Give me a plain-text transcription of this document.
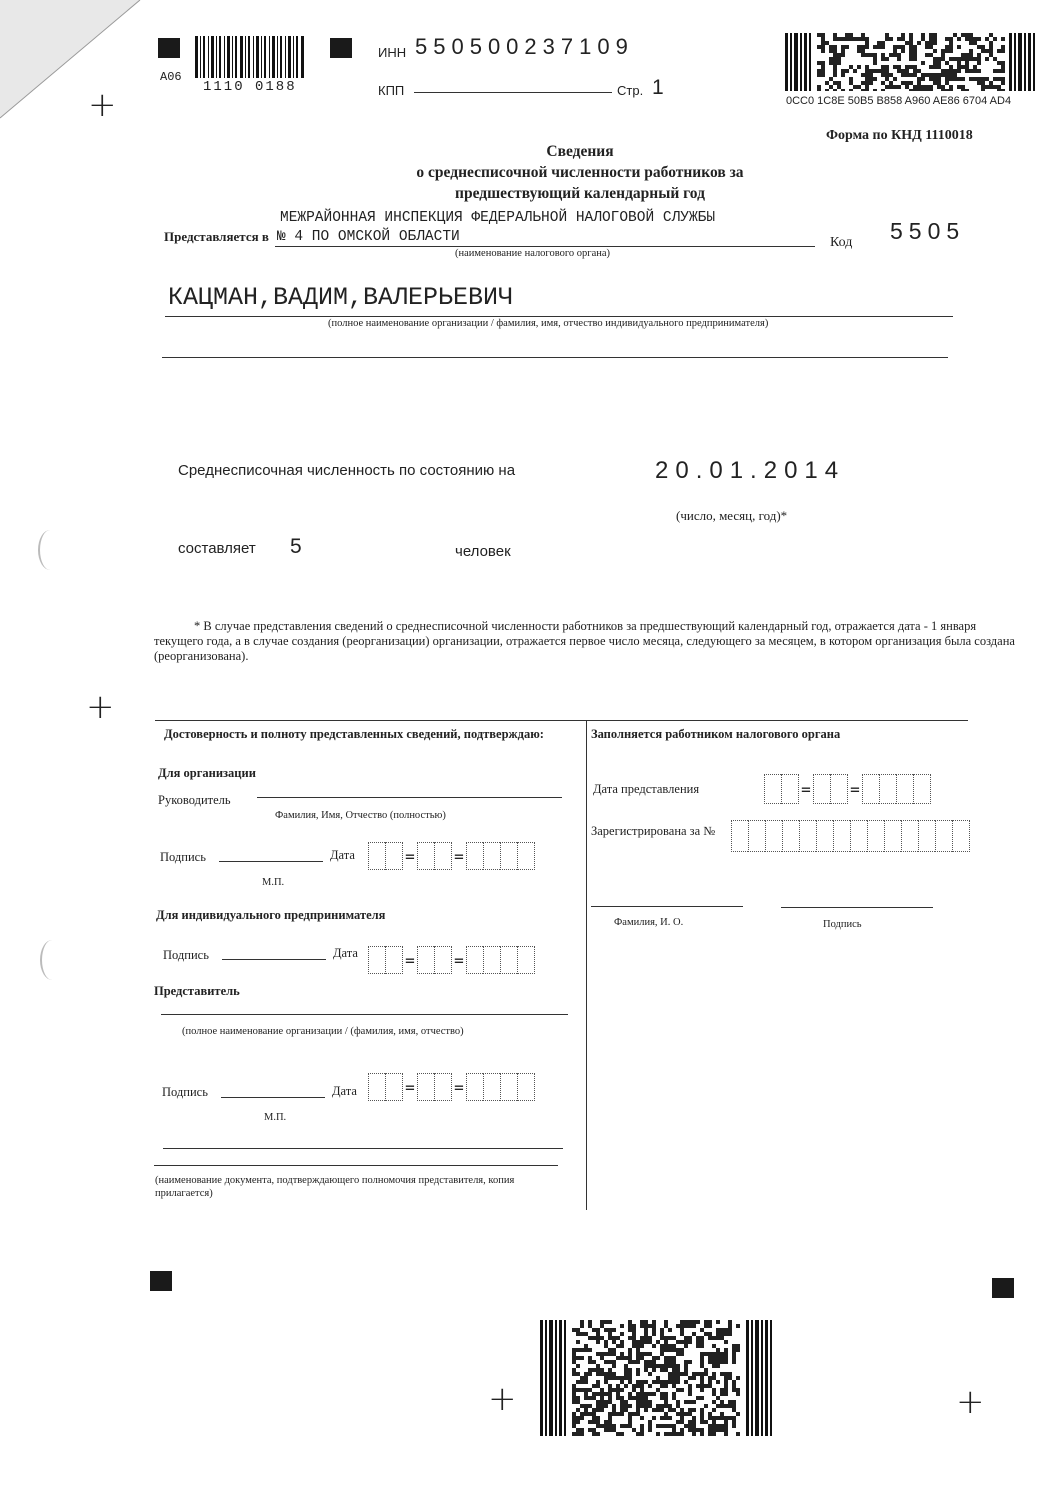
А06
1110 0188
ИНН 550500237109
КПП	Стр. 1
0CC0 1C8E 50B5 B858 A960 AE86 6704 AD4
+
Форма по КНД 1110018
Сведения
о среднесписочной численности работников за
предшествующий календарный год
МЕЖРАЙОННАЯ ИНСПЕКЦИЯ ФЕДЕРАЛЬНОЙ НАЛОГОВОЙ СЛУЖБЫ
Представляется в № 4 ПО ОМСКОЙ ОБЛАСТИ
(наименование налогового органа)
Код 5505
КАЦМАН,ВАДИМ,ВАЛЕРЬЕВИЧ
(полное наименование организации / фамилия, имя, отчество индивидуального предпринимателя)
Среднесписочная численность по состоянию на	20.01.2014
(число, месяц, год)*
составляет 5	человек
* В случае представления сведений о среднесписочной численности работников за предшествующий календарный год, отражается дата - 1 января текущего года, а в случае создания (реорганизации) организации, отражается первое число месяца, следующего за месяцем, в котором организация была создана (реорганизована).
+
Достоверность и полноту представленных сведений, подтверждаю:
Для организации
Руководитель
Фамилия, Имя, Отчество (полностью)
Подпись	Дата	= =
М.П.
Для индивидуального предпринимателя
Подпись	Дата	= =
Представитель
(полное наименование организации / (фамилия, имя, отчество)
Подпись	Дата	= =
М.П.
(наименование документа, подтверждающего полномочия представителя, копия прилагается)
Заполняется работником налогового органа
Дата представления	= =
Зарегистрирована за №
Фамилия, И. О.	Подпись
+	+
